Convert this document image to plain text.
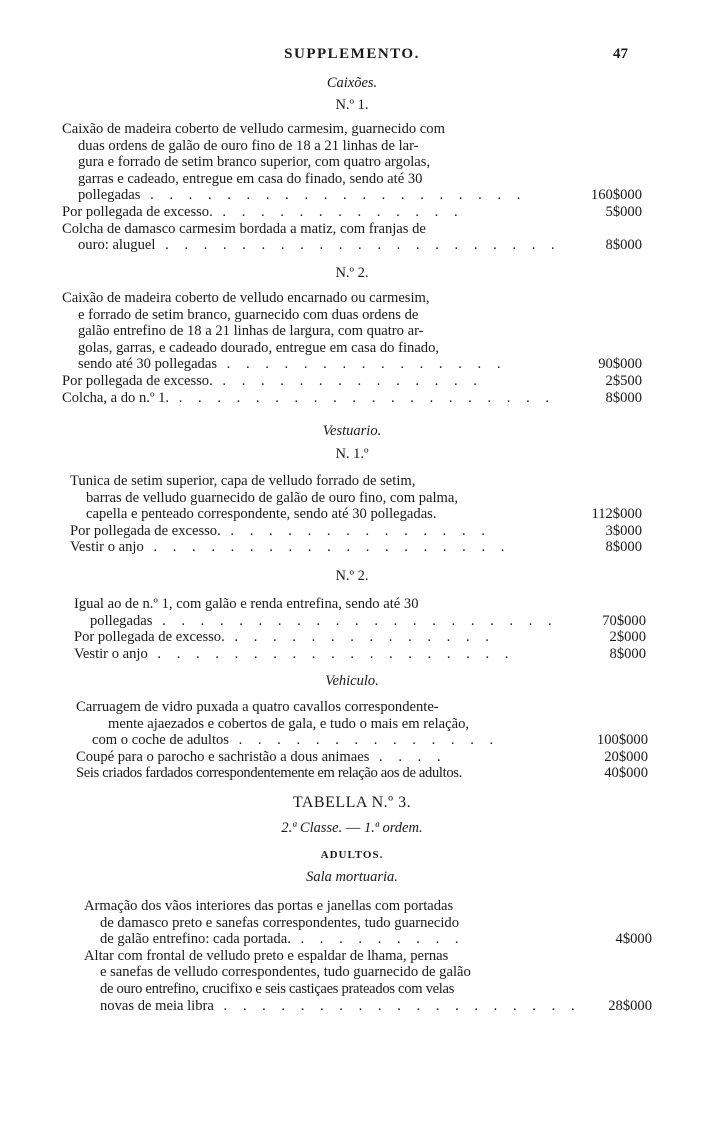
SUPPLEMENTO.	47
Caixões.
N.º 1.
Caixão de madeira coberto de velludo carmesim, guarnecido com
duas ordens de galão de ouro fino de 18 a 21 linhas de lar-
gura e forrado de setim branco superior, com quatro argolas,
garras e cadeado, entregue em casa do finado, sendo até 30
pollegadas . . . . . . . . . . . . . . . . . . . .	160$000
Por pollegada de excesso. . . . . . . . . . . . . .	5$000
Colcha de damasco carmesim bordada a matiz, com franjas de
ouro: aluguel . . . . . . . . . . . . . . . . . . . . .	8$000
N.º 2.
Caixão de madeira coberto de velludo encarnado ou carmesim,
e forrado de setim branco, guarnecido com duas ordens de
galão entrefino de 18 a 21 linhas de largura, com quatro ar-
golas, garras, e cadeado dourado, entregue em casa do finado,
sendo até 30 pollegadas . . . . . . . . . . . . . . .	90$000
Por pollegada de excesso. . . . . . . . . . . . . . .	2$500
Colcha, a do n.º 1. . . . . . . . . . . . . . . . . . . . .	8$000
Vestuario.
N. 1.º
Tunica de setim superior, capa de velludo forrado de setim,
barras de velludo guarnecido de galão de ouro fino, com palma,
capella e penteado correspondente, sendo até 30 pollegadas.	112$000
Por pollegada de excesso. . . . . . . . . . . . . . .	3$000
Vestir o anjo . . . . . . . . . . . . . . . . . . .	8$000
N.º 2.
Igual ao de n.º 1, com galão e renda entrefina, sendo até 30
pollegadas . . . . . . . . . . . . . . . . . . . . .	70$000
Por pollegada de excesso. . . . . . . . . . . . . . .	2$000
Vestir o anjo . . . . . . . . . . . . . . . . . . .	8$000
Vehiculo.
Carruagem de vidro puxada a quatro cavallos correspondente-
mente ajaezados e cobertos de gala, e tudo o mais em relação,
com o coche de adultos . . . . . . . . . . . . . .	100$000
Coupé para o parocho e sachristão a dous animaes . . . .	20$000
Seis criados fardados correspondentemente em relação aos de adultos.	40$000
TABELLA N.º 3.
2.ª Classe. — 1.ª ordem.
ADULTOS.
Sala mortuaria.
Armação dos vãos interiores das portas e janellas com portadas
de damasco preto e sanefas correspondentes, tudo guarnecido
de galão entrefino: cada portada. . . . . . . . . .	4$000
Altar com frontal de velludo preto e espaldar de lhama, pernas
e sanefas de velludo correspondentes, tudo guarnecido de galão
de ouro entrefino, crucifixo e seis castiçaes prateados com velas
novas de meia libra . . . . . . . . . . . . . . . . . . . 28$000
